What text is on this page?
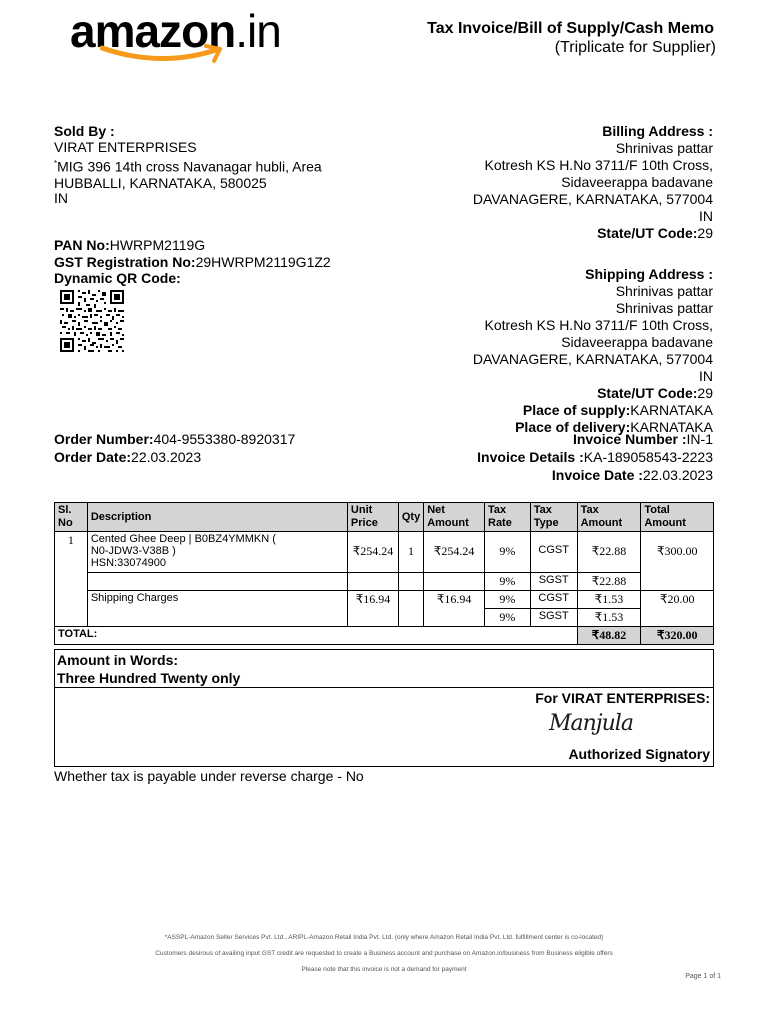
amazon.in	Tax Invoice/Bill of Supply/Cash Memo
(Triplicate for Supplier)
Sold By :
VIRAT ENTERPRISES
*MIG 396 14th cross Navanagar hubli, Area
HUBBALLI, KARNATAKA, 580025
IN
PAN No:HWRPM2119G
GST Registration No:29HWRPM2119G1Z2
Dynamic QR Code:
Billing Address :
Shrinivas pattar
Kotresh KS H.No 3711/F 10th Cross,
Sidaveerappa badavane
DAVANAGERE, KARNATAKA, 577004
IN
State/UT Code:29
Shipping Address :
Shrinivas pattar
Shrinivas pattar
Kotresh KS H.No 3711/F 10th Cross,
Sidaveerappa badavane
DAVANAGERE, KARNATAKA, 577004
IN
State/UT Code:29
Place of supply:KARNATAKA
Place of delivery:KARNATAKA
Order Number:404-9553380-8920317
Order Date:22.03.2023
Invoice Number :IN-1
Invoice Details :KA-189058543-2223
Invoice Date :22.03.2023
Sl. No	Description	Unit Price	Qty	Net Amount	Tax Rate	Tax Type	Tax Amount	Total Amount
1	Cented Ghee Deep | B0BZ4YMMKN (
N0-JDW3-V38B )
HSN:33074900	₹254.24	1	₹254.24	9%	CGST	₹22.88	₹300.00
					9%	SGST	₹22.88	
	Shipping Charges	₹16.94		₹16.94	9%	CGST	₹1.53	₹20.00
					9%	SGST	₹1.53	
TOTAL:							₹48.82	₹320.00
Amount in Words:
Three Hundred Twenty only
For VIRAT ENTERPRISES:
Manjula
Authorized Signatory
Whether tax is payable under reverse charge - No
*ASSPL-Amazon Seller Services Pvt. Ltd., ARIPL-Amazon Retail India Pvt. Ltd. (only where Amazon Retail India Pvt. Ltd. fulfillment center is co-located)
Customers desirous of availing input GST credit are requested to create a Business account and purchase on Amazon.in/business from Business eligible offers
Please note that this invoice is not a demand for payment
Page 1 of 1
